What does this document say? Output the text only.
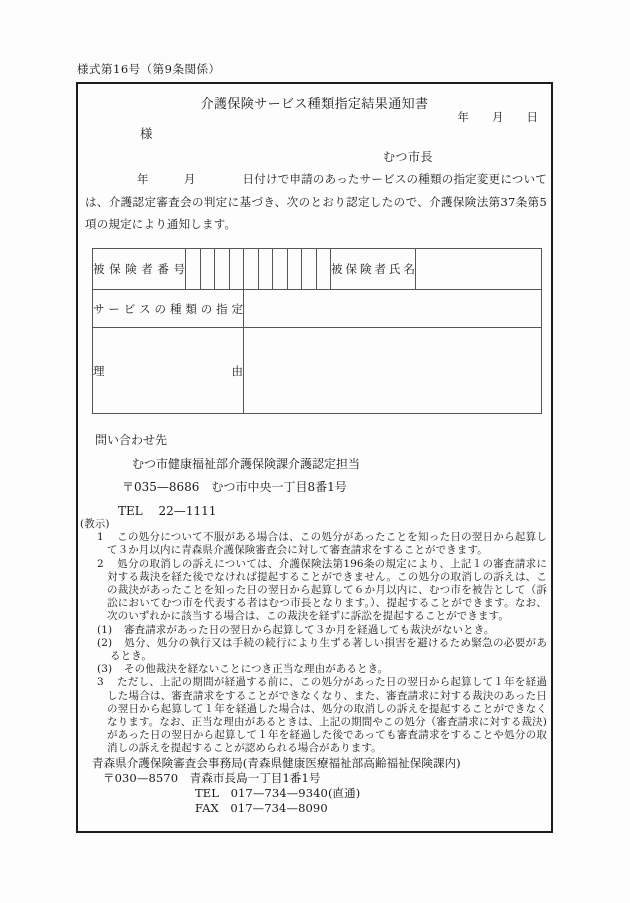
様式第16号（第9条関係）
介護保険サービス種類指定結果通知書
年　　月　　日
様
むつ市長
年　　　月　　　　日付けで申請のあったサービスの種類の指定変更については、介護認定審査会の判定に基づき、次のとおり認定したので、介護保険法第37条第5項の規定により通知します。
被保険者番号											被保険者氏名	
サービスの種類の指定												
理　　由												
問い合わせ先
むつ市健康福祉部介護保険課介護認定担当
〒035—8686　むつ市中央一丁目8番1号
TEL　 22—1111

(教示)

1 この処分について不服がある場合は、この処分があったことを知った日の翌日から起算して３か月以内に青森県介護保険審査会に対して審査請求をすることができます。

2 処分の取消しの訴えについては、介護保険法第196条の規定により、上記１の審査請求に対する裁決を経た後でなければ提起することができません。この処分の取消しの訴えは、この裁決があったことを知った日の翌日から起算して６か月以内に、むつ市を被告として（訴訟においてむつ市を代表する者はむつ市長となります。）、提起することができます。なお、次のいずれかに該当する場合は、この裁決を経ずに訴訟を提起することができます。

(1) 審査請求があった日の翌日から起算して３か月を経過しても裁決がないとき。

(2) 処分、処分の執行又は手続の続行により生ずる著しい損害を避けるため緊急の必要があるとき。

(3) その他裁決を経ないことにつき正当な理由があるとき。

3 ただし、上記の期間が経過する前に、この処分があった日の翌日から起算して１年を経過した場合は、審査請求をすることができなくなり、また、審査請求に対する裁決のあった日の翌日から起算して１年を経過した場合は、処分の取消しの訴えを提起することができなくなります。なお、正当な理由があるときは、上記の期間やこの処分（審査請求に対する裁決)があった日の翌日から起算して１年を経過した後であっても審査請求をすることや処分の取消しの訴えを提起することが認められる場合があります。

青森県介護保険審査会事務局(青森県健康医療福祉部高齢福祉保険課内)
〒030—8570　青森市長島一丁目1番1号
TEL　017—734—9340(直通)
FAX　017—734—8090
